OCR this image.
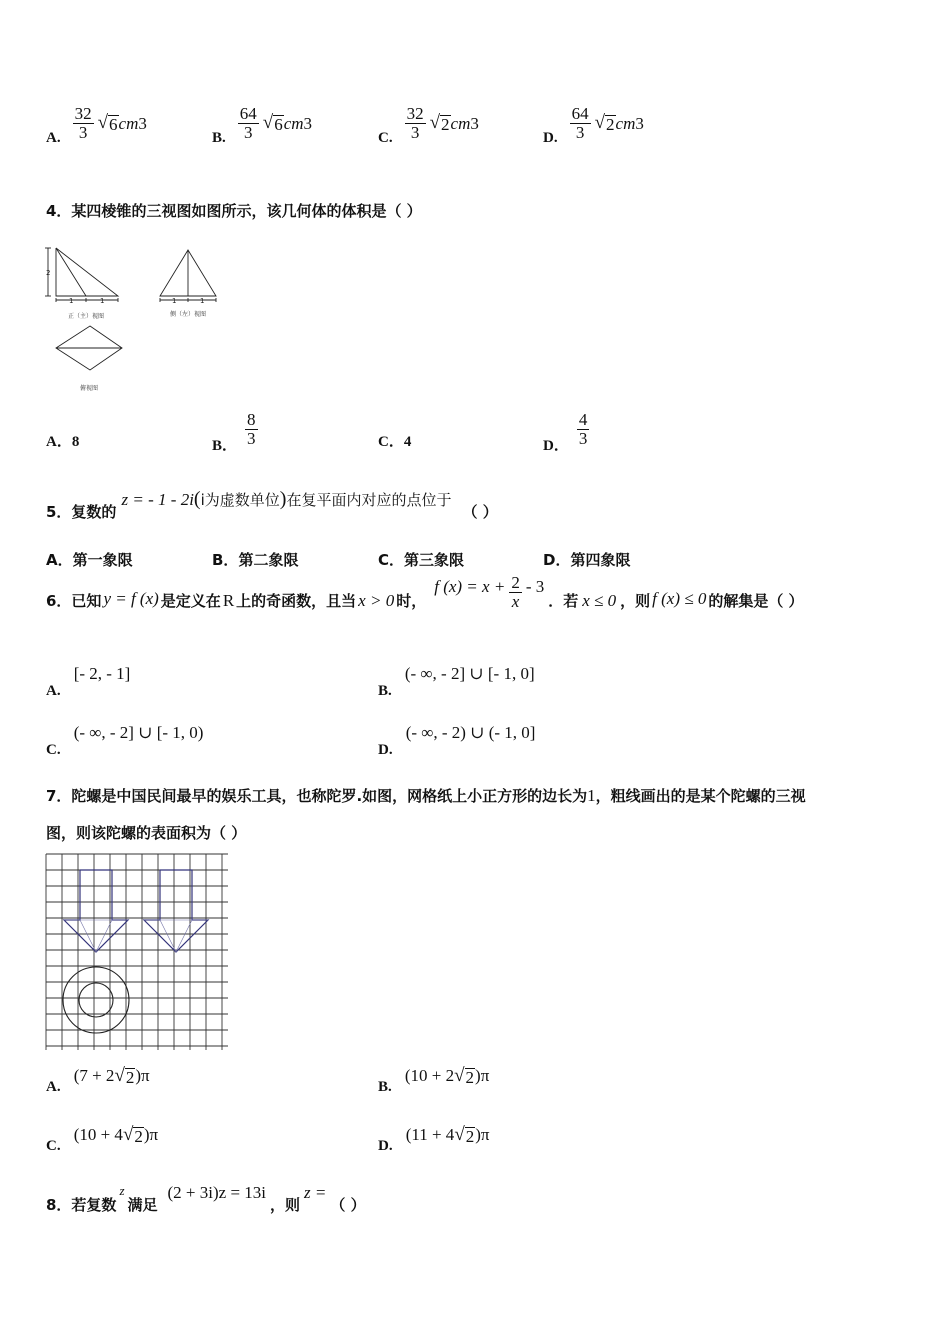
A. $\frac{32}{3}$ √ 6 cm 3
B. $\frac{64}{3}$ √ 6 cm 3
C. $\frac{32}{3}$ √ 2 cm 3
D. $\frac{64}{3}$ √ 2 cm 3
4．某四棱锥的三视图如图所示，该几何体的体积是（ ）
2
1	1
正（主）视图
1	1
侧（左）视图
俯视图
A．8	B． $\frac{8}{3}$	C．4	D． $\frac{4}{3}$
5．复数的 z = - 1 - 2i(i为虚数单位)在复平面内对应的点位于 （ ）
A．第一象限	B．第二象限	C．第三象限	D．第四象限
6．已知 y = f (x) 是定义在 R 上的奇函数，且当 x > 0 时，
f $(x) = x + \frac{2}{x} - 3$
．若 x ≤ 0 ，则 f (x) ≤ 0 的解集是（ ）
A. [- 2, - 1]
B. (- ∞, - 2] ∪ [- 1, 0]
C. (- ∞, - 2] ∪ [- 1, 0)
D. (- ∞, - 2) ∪ (- 1, 0]
7．陀螺是中国民间最早的娱乐工具，也称陀罗.如图，网格纸上小正方形的边长为1，粗线画出的是某个陀螺的三视
图，则该陀螺的表面积为（ ）
A. (7 + 2 √ 2 )π
B. (10 + 2 √ 2 )π
C. (10 + 4 √ 2 )π
D. (11 + 4 √ 2 )π
8．若复数
z
满足
(2 + 3i)z = 13i
，则
z =
（ ）
